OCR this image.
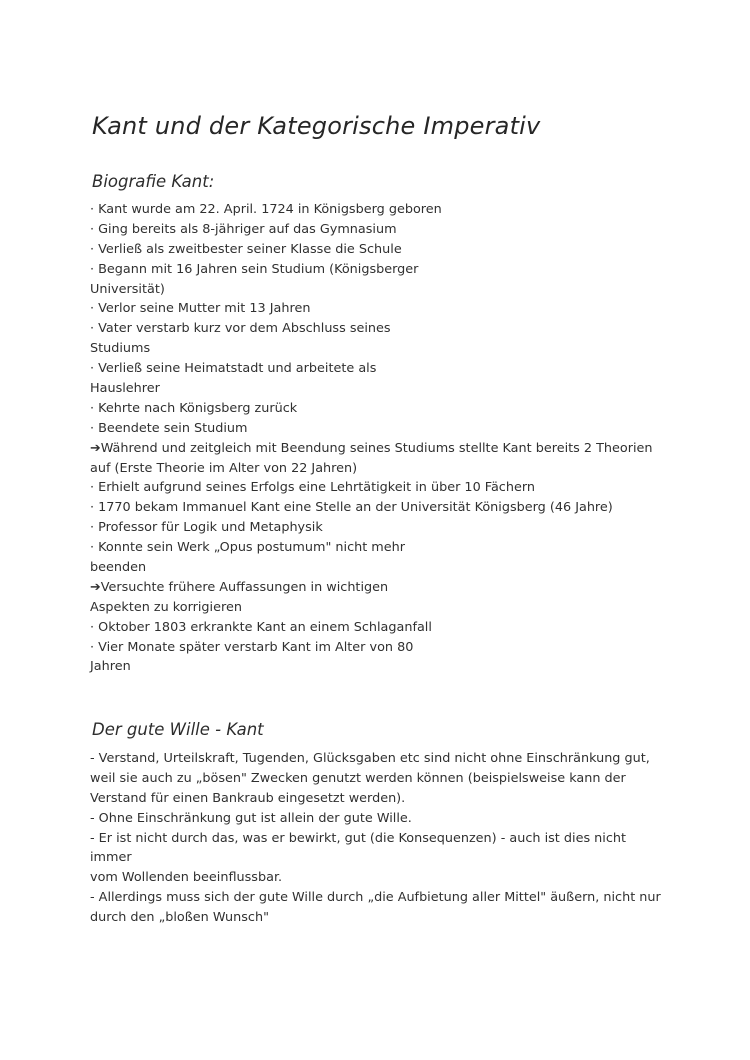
Kant und der Kategorische Imperativ
Biografie Kant:
· Kant wurde am 22. April. 1724 in Königsberg geboren
· Ging bereits als 8-jähriger auf das Gymnasium
· Verließ als zweitbester seiner Klasse die Schule
· Begann mit 16 Jahren sein Studium (Königsberger
Universität)
· Verlor seine Mutter mit 13 Jahren
· Vater verstarb kurz vor dem Abschluss seines
Studiums
· Verließ seine Heimatstadt und arbeitete als
Hauslehrer
· Kehrte nach Königsberg zurück
· Beendete sein Studium
➔Während und zeitgleich mit Beendung seines Studiums stellte Kant bereits 2 Theorien
auf (Erste Theorie im Alter von 22 Jahren)
· Erhielt aufgrund seines Erfolgs eine Lehrtätigkeit in über 10 Fächern
· 1770 bekam Immanuel Kant eine Stelle an der Universität Königsberg (46 Jahre)
· Professor für Logik und Metaphysik
· Konnte sein Werk „Opus postumum" nicht mehr
beenden
➔Versuchte frühere Auffassungen in wichtigen
Aspekten zu korrigieren
· Oktober 1803 erkrankte Kant an einem Schlaganfall
· Vier Monate später verstarb Kant im Alter von 80
Jahren
Der gute Wille - Kant
- Verstand, Urteilskraft, Tugenden, Glücksgaben etc sind nicht ohne Einschränkung gut,
weil sie auch zu „bösen" Zwecken genutzt werden können (beispielsweise kann der
Verstand für einen Bankraub eingesetzt werden).
- Ohne Einschränkung gut ist allein der gute Wille.
- Er ist nicht durch das, was er bewirkt, gut (die Konsequenzen) - auch ist dies nicht
immer
vom Wollenden beeinflussbar.
- Allerdings muss sich der gute Wille durch „die Aufbietung aller Mittel" äußern, nicht nur
durch den „bloßen Wunsch"
